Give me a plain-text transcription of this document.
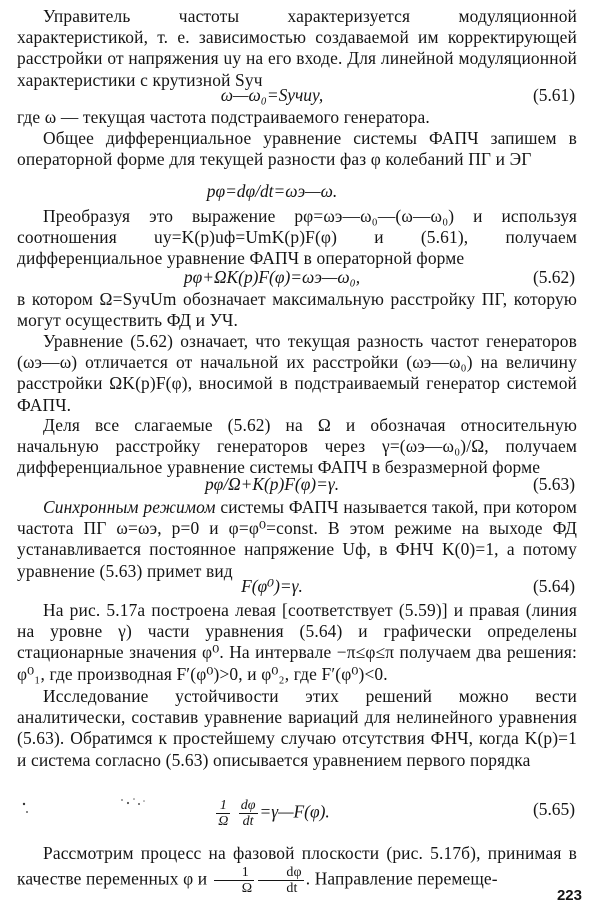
Управитель частоты характеризуется модуляционной характеристикой, т. е. зависимостью создаваемой им корректирующей расстройки от напряжения uу на его входе. Для линейной модуляционной характеристики с крутизной Sуч

ω—ω₀=Sучuу,	(5.61)

где ω — текущая частота подстраиваемого генератора.

Общее дифференциальное уравнение системы ФАПЧ запишем в операторной форме для текущей разности фаз φ колебаний ПГ и ЭГ

pφ=dφ/dt=ωэ—ω.

Преобразуя это выражение pφ=ωэ—ω₀—(ω—ω₀) и используя соотношения uу=K(p)uф=UmK(p)F(φ) и (5.61), получаем дифференциальное уравнение ФАПЧ в операторной форме

pφ+ΩK(p)F(φ)=ωэ—ω₀,	(5.62)

в котором Ω=SучUm обозначает максимальную расстройку ПГ, которую могут осуществить ФД и УЧ.

Уравнение (5.62) означает, что текущая разность частот генераторов (ωэ—ω) отличается от начальной их расстройки (ωэ—ω₀) на величину расстройки ΩK(p)F(φ), вносимой в подстраиваемый генератор системой ФАПЧ.

Деля все слагаемые (5.62) на Ω и обозначая относительную начальную расстройку генераторов через γ=(ωэ—ω₀)/Ω, получаем дифференциальное уравнение системы ФАПЧ в безразмерной форме

pφ/Ω+K(p)F(φ)=γ.	(5.63)

Синхронным режимом системы ФАПЧ называется такой, при котором частота ПГ ω=ωэ, p=0 и φ=φ⁰=const. В этом режиме на выходе ФД устанавливается постоянное напряжение Uф, в ФНЧ K(0)=1, а потому уравнение (5.63) примет вид

F(φ⁰)=γ.	(5.64)

На рис. 5.17а построена левая [соответствует (5.59)] и правая (линия на уровне γ) части уравнения (5.64) и графически определены стационарные значения φ⁰. На интервале −π≤φ≤π получаем два решения: φ⁰₁, где производная F′(φ⁰)>0, и φ⁰₂, где F′(φ⁰)<0.

Исследование устойчивости этих решений можно вести аналитически, составив уравнение вариаций для нелинейного уравнения (5.63). Обратимся к простейшему случаю отсутствия ФНЧ, когда K(p)=1 и система согласно (5.63) описывается уравнением первого порядка

$\frac{1}{\Omega}$
$\frac{d\varphi}{dt}$ =γ—F(φ).	(5.65)

Рассмотрим процесс на фазовой плоскости (рис. 5.17б), принимая в качестве переменных φ и $\frac{1}{\Omega} \frac{d\varphi}{dt}$ . Направление перемеще-

223
